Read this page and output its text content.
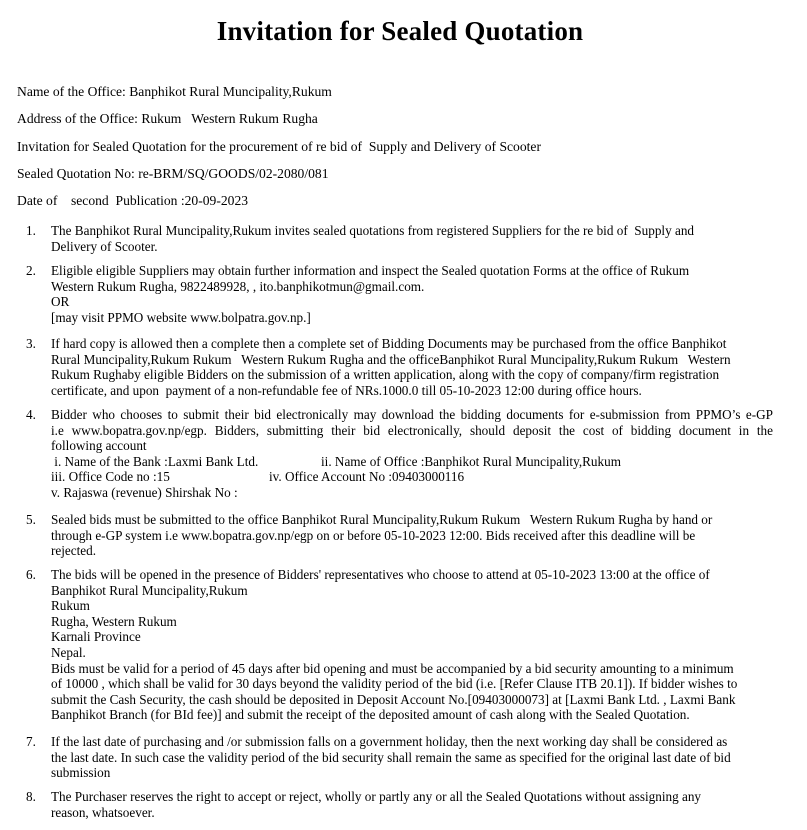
Invitation for Sealed Quotation
Name of the Office: Banphikot Rural Muncipality,Rukum
Address of the Office: Rukum   Western Rukum Rugha
Invitation for Sealed Quotation for the procurement of re bid of  Supply and Delivery of Scooter
Sealed Quotation No: re-BRM/SQ/GOODS/02-2080/081
Date of    second  Publication :20-09-2023
1.	The Banphikot Rural Muncipality,Rukum invites sealed quotations from registered Suppliers for the re bid of  Supply and
Delivery of Scooter.
2.	Eligible eligible Suppliers may obtain further information and inspect the Sealed quotation Forms at the office of Rukum
Western Rukum Rugha, 9822489928, , ito.banphikotmun@gmail.com.
OR
[may visit PPMO website www.bolpatra.gov.np.]
3.	If hard copy is allowed then a complete then a complete set of Bidding Documents may be purchased from the office Banphikot
Rural Muncipality,Rukum Rukum   Western Rukum Rugha and the officeBanphikot Rural Muncipality,Rukum Rukum   Western
Rukum Rughaby eligible Bidders on the submission of a written application, along with the copy of company/firm registration
certificate, and upon  payment of a non-refundable fee of NRs.1000.0 till 05-10-2023 12:00 during office hours.
4.	Bidder who chooses to submit their bid electronically may download the bidding documents for e-submission from PPMO’s e-GP
i.e www.bopatra.gov.np/egp. Bidders, submitting their bid electronically, should deposit the cost of bidding document in the
following account
i. Name of the Bank :Laxmi Bank Ltd.	ii. Name of Office :Banphikot Rural Muncipality,Rukum
iii. Office Code no :15	iv. Office Account No :09403000116
v. Rajaswa (revenue) Shirshak No :
5.	Sealed bids must be submitted to the office Banphikot Rural Muncipality,Rukum Rukum   Western Rukum Rugha by hand or
through e-GP system i.e www.bopatra.gov.np/egp on or before 05-10-2023 12:00. Bids received after this deadline will be
rejected.
6.	The bids will be opened in the presence of Bidders' representatives who choose to attend at 05-10-2023 13:00 at the office of
Banphikot Rural Muncipality,Rukum
Rukum
Rugha, Western Rukum
Karnali Province
Nepal.
Bids must be valid for a period of 45 days after bid opening and must be accompanied by a bid security amounting to a minimum
of 10000 , which shall be valid for 30 days beyond the validity period of the bid (i.e. [Refer Clause ITB 20.1]). If bidder wishes to
submit the Cash Security, the cash should be deposited in Deposit Account No.[09403000073] at [Laxmi Bank Ltd. , Laxmi Bank
Banphikot Branch (for BId fee)] and submit the receipt of the deposited amount of cash along with the Sealed Quotation.
7.	If the last date of purchasing and /or submission falls on a government holiday, then the next working day shall be considered as
the last date. In such case the validity period of the bid security shall remain the same as specified for the original last date of bid
submission
8.	The Purchaser reserves the right to accept or reject, wholly or partly any or all the Sealed Quotations without assigning any
reason, whatsoever.
